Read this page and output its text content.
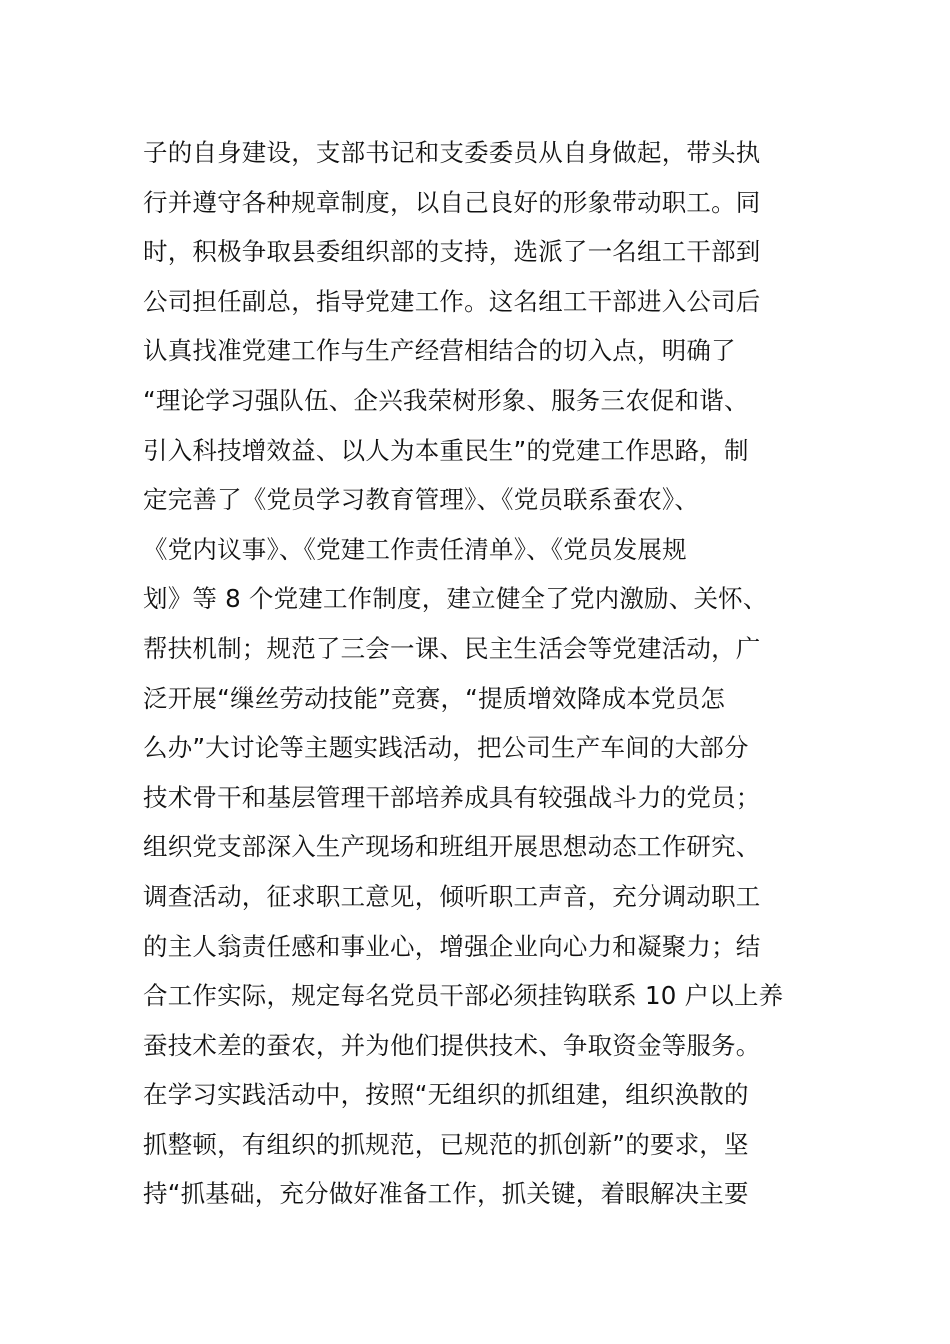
子的自身建设，支部书记和支委委员从自身做起，带头执
行并遵守各种规章制度，以自己良好的形象带动职工。同
时，积极争取县委组织部的支持，选派了一名组工干部到
公司担任副总，指导党建工作。这名组工干部进入公司后
认真找准党建工作与生产经营相结合的切入点，明确了
“理论学习强队伍、企兴我荣树形象、服务三农促和谐、
引入科技增效益、以人为本重民生”的党建工作思路，制
定完善了《党员学习教育管理》、《党员联系蚕农》、
《党内议事》、《党建工作责任清单》、《党员发展规
划》等 8 个党建工作制度，建立健全了党内激励、关怀、
帮扶机制；规范了三会一课、民主生活会等党建活动，广
泛开展“缫丝劳动技能”竞赛，“提质增效降成本党员怎
么办”大讨论等主题实践活动，把公司生产车间的大部分
技术骨干和基层管理干部培养成具有较强战斗力的党员；
组织党支部深入生产现场和班组开展思想动态工作研究、
调查活动，征求职工意见，倾听职工声音，充分调动职工
的主人翁责任感和事业心，增强企业向心力和凝聚力；结
合工作实际，规定每名党员干部必须挂钩联系 10 户以上养
蚕技术差的蚕农，并为他们提供技术、争取资金等服务。
在学习实践活动中，按照“无组织的抓组建，组织涣散的
抓整顿，有组织的抓规范，已规范的抓创新”的要求，坚
持“抓基础，充分做好准备工作，抓关键，着眼解决主要
